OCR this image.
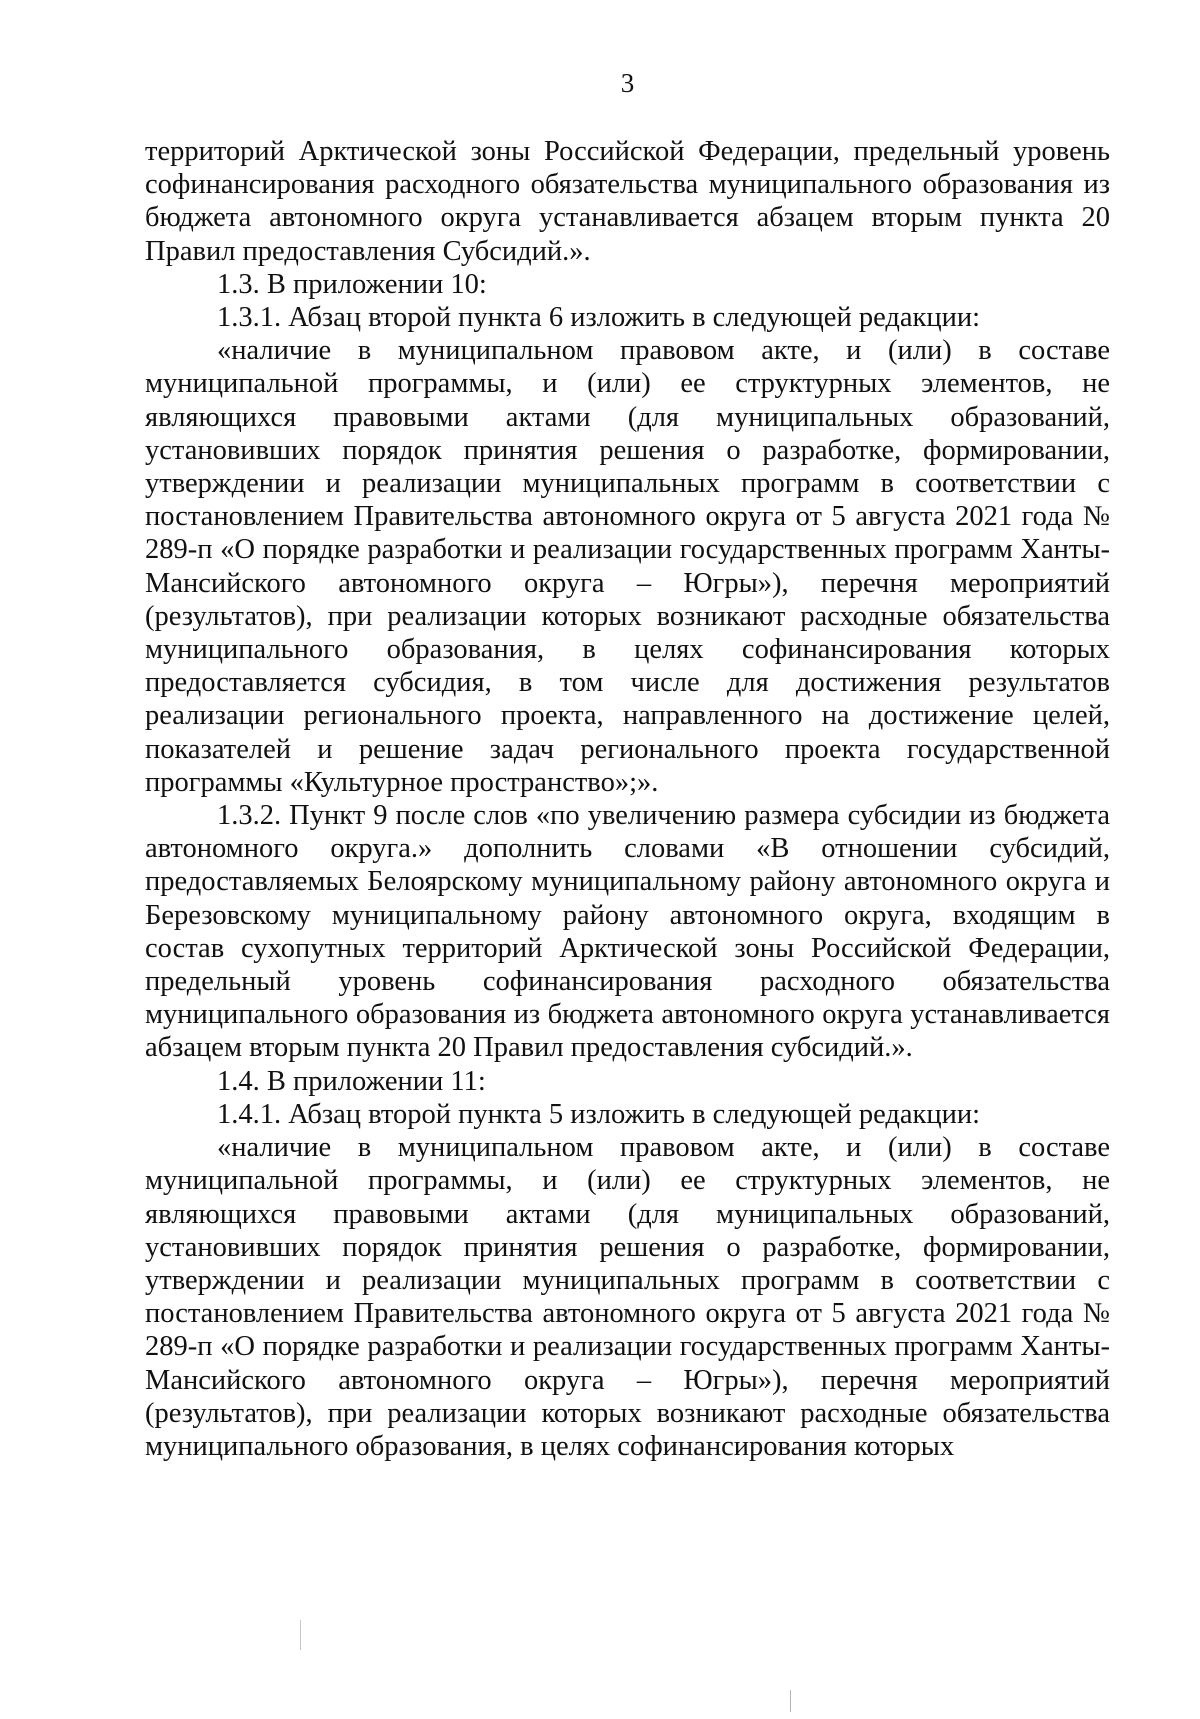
3

территорий Арктической зоны Российской Федерации, предельный уровень софинансирования расходного обязательства муниципального образования из бюджета автономного округа устанавливается абзацем вторым пункта 20 Правил предоставления Субсидий.».

1.3. В приложении 10:

1.3.1. Абзац второй пункта 6 изложить в следующей редакции:

«наличие в муниципальном правовом акте, и (или) в составе муниципальной программы, и (или) ее структурных элементов, не являющихся правовыми актами (для муниципальных образований, установивших порядок принятия решения о разработке, формировании, утверждении и реализации муниципальных программ в соответствии с постановлением Правительства автономного округа от 5 августа 2021 года № 289-п «О порядке разработки и реализации государственных программ Ханты-Мансийского автономного округа – Югры»), перечня мероприятий (результатов), при реализации которых возникают расходные обязательства муниципального образования, в целях софинансирования которых предоставляется субсидия, в том числе для достижения результатов реализации регионального проекта, направленного на достижение целей, показателей и решение задач регионального проекта государственной программы «Культурное пространство»;».

1.3.2. Пункт 9 после слов «по увеличению размера субсидии из бюджета автономного округа.» дополнить словами «В отношении субсидий, предоставляемых Белоярскому муниципальному району автономного округа и Березовскому муниципальному району автономного округа, входящим в состав сухопутных территорий Арктической зоны Российской Федерации, предельный уровень софинансирования расходного обязательства муниципального образования из бюджета автономного округа устанавливается абзацем вторым пункта 20 Правил предоставления субсидий.».

1.4. В приложении 11:

1.4.1. Абзац второй пункта 5 изложить в следующей редакции:

«наличие в муниципальном правовом акте, и (или) в составе муниципальной программы, и (или) ее структурных элементов, не являющихся правовыми актами (для муниципальных образований, установивших порядок принятия решения о разработке, формировании, утверждении и реализации муниципальных программ в соответствии с постановлением Правительства автономного округа от 5 августа 2021 года № 289-п «О порядке разработки и реализации государственных программ Ханты-Мансийского автономного округа – Югры»), перечня мероприятий (результатов), при реализации которых возникают расходные обязательства муниципального образования, в целях софинансирования которых
